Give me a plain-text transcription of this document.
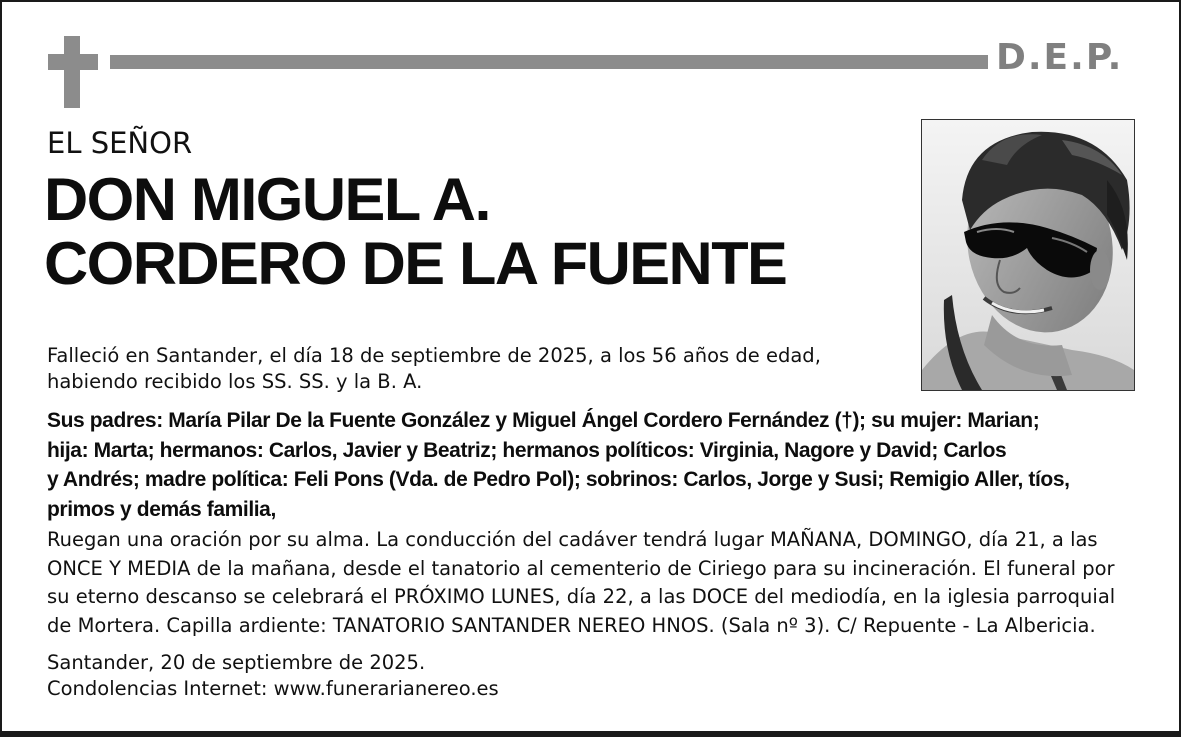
D.E.P.
EL SEÑOR
DON MIGUEL A.
CORDERO DE LA FUENTE

Falleció en Santander, el día 18 de septiembre de 2025, a los 56 años de edad,

habiendo recibido los SS. SS. y la B. A.

Sus padres: María Pilar De la Fuente González y Miguel Ángel Cordero Fernández (†); su mujer: Marian;

hija: Marta; hermanos: Carlos, Javier y Beatriz; hermanos políticos: Virginia, Nagore y David; Carlos

y Andrés; madre política: Feli Pons (Vda. de Pedro Pol); sobrinos: Carlos, Jorge y Susi; Remigio Aller, tíos,

primos y demás familia,

Ruegan una oración por su alma. La conducción del cadáver tendrá lugar MAÑANA, DOMINGO, día 21, a las

ONCE Y MEDIA de la mañana, desde el tanatorio al cementerio de Ciriego para su incineración. El funeral por

su eterno descanso se celebrará el PRÓXIMO LUNES, día 22, a las DOCE del mediodía, en la iglesia parroquial

de Mortera. Capilla ardiente: TANATORIO SANTANDER NEREO HNOS. (Sala nº 3). C/ Repuente - La Albericia.

Santander, 20 de septiembre de 2025.
Condolencias Internet: www.funerarianereo.es
